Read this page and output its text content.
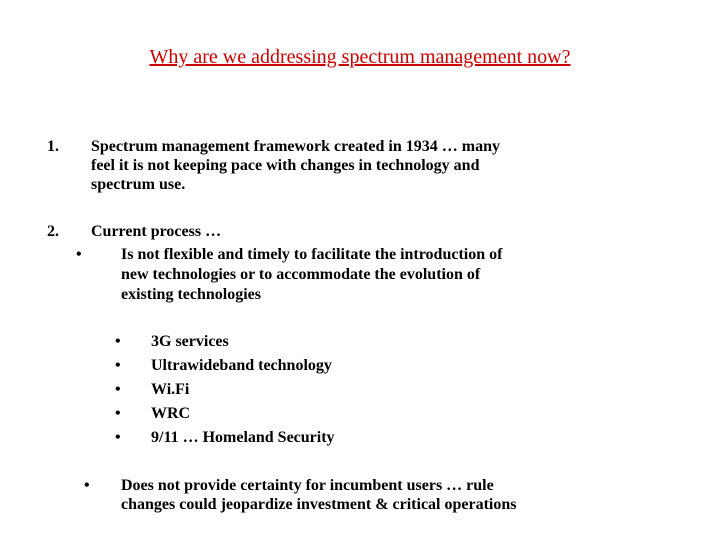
Why are we addressing spectrum management now?
1. Spectrum management framework created in 1934 … many
feel it is not keeping pace with changes in technology and
spectrum use.
2. Current process …
• Is not flexible and timely to facilitate the introduction of
new technologies or to accommodate the evolution of
existing technologies
• 3G services
• Ultrawideband technology
• Wi.Fi
• WRC
• 9/11 … Homeland Security
• Does not provide certainty for incumbent users … rule
changes could jeopardize investment & critical operations
